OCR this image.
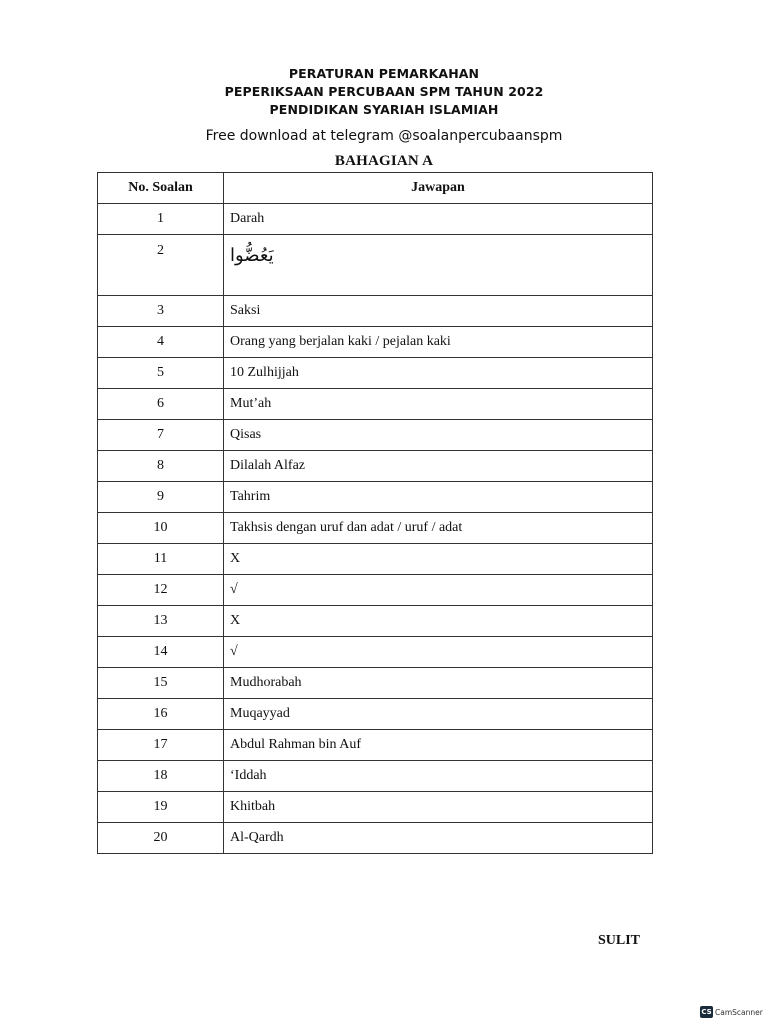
PERATURAN PEMARKAHAN
PEPERIKSAAN PERCUBAAN SPM TAHUN 2022
PENDIDIKAN SYARIAH ISLAMIAH
Free download at telegram @soalanpercubaanspm
BAHAGIAN A
No. Soalan	Jawapan
1	Darah
2	يَعُضُّوا
3	Saksi
4	Orang yang berjalan kaki / pejalan kaki
5	10 Zulhijjah
6	Mut’ah
7	Qisas
8	Dilalah Alfaz
9	Tahrim
10	Takhsis dengan uruf dan adat / uruf / adat
11	X
12	√
13	X
14	√
15	Mudhorabah
16	Muqayyad
17	Abdul Rahman bin Auf
18	‘Iddah
19	Khitbah
20	Al-Qardh
SULIT
CS CamScanner
